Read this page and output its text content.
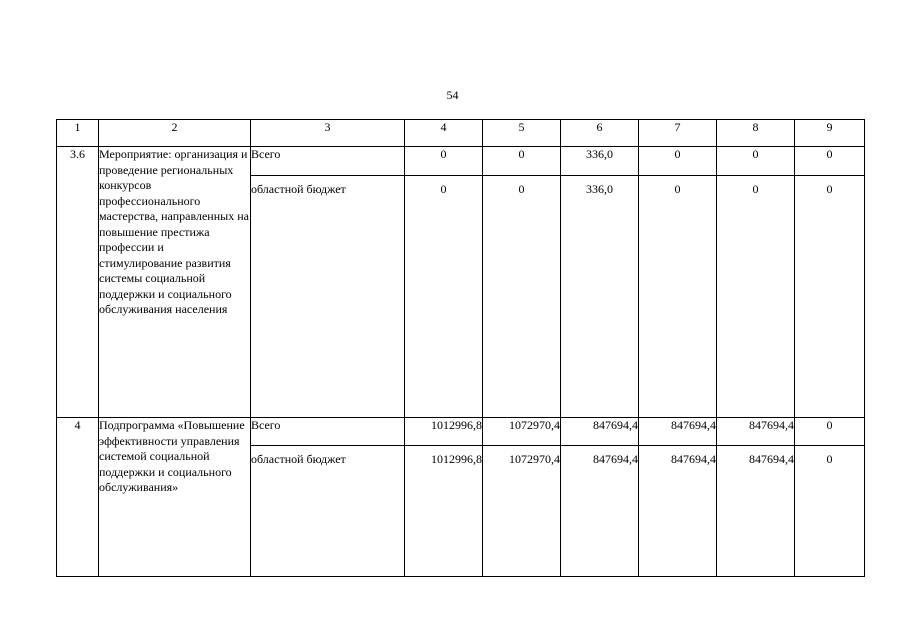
54
1	2	3	4	5	6	7	8	9
3.6	Мероприятие: организация и проведение региональных конкурсов профессионального мастерства, направленных на повышение престижа профессии и стимулирование развития системы социальной поддержки и социального обслуживания населения	Всего	0	0	336,0	0	0	0
		областной бюджет	0	0	336,0	0	0	0
4	Подпрограмма «Повышение эффективности управления системой социальной поддержки и социального обслуживания»	Всего	1012996,8	1072970,4	847694,4	847694,4	847694,4	0
		областной бюджет	1012996,8	1072970,4	847694,4	847694,4	847694,4	0
